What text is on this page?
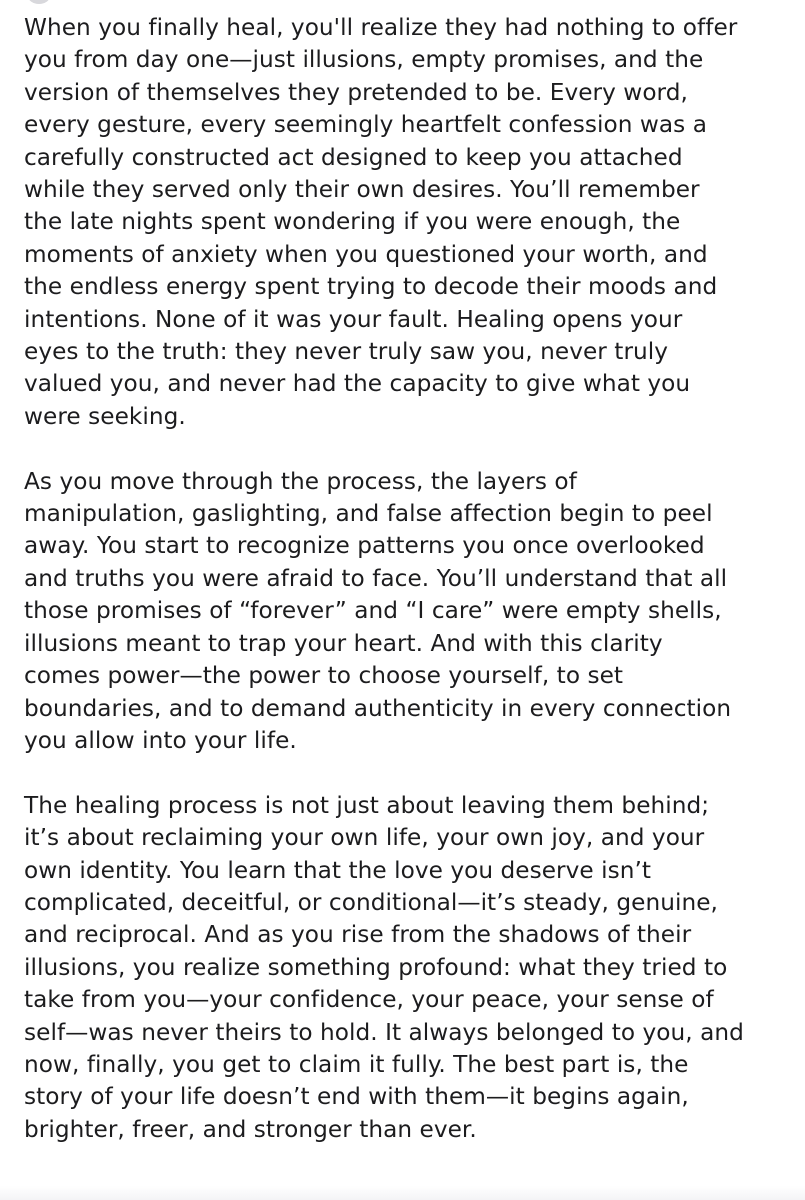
When you finally heal, you'll realize they had nothing to offer
you from day one—just illusions, empty promises, and the
version of themselves they pretended to be. Every word,
every gesture, every seemingly heartfelt confession was a
carefully constructed act designed to keep you attached
while they served only their own desires. You’ll remember
the late nights spent wondering if you were enough, the
moments of anxiety when you questioned your worth, and
the endless energy spent trying to decode their moods and
intentions. None of it was your fault. Healing opens your
eyes to the truth: they never truly saw you, never truly
valued you, and never had the capacity to give what you
were seeking.

As you move through the process, the layers of
manipulation, gaslighting, and false affection begin to peel
away. You start to recognize patterns you once overlooked
and truths you were afraid to face. You’ll understand that all
those promises of “forever” and “I care” were empty shells,
illusions meant to trap your heart. And with this clarity
comes power—the power to choose yourself, to set
boundaries, and to demand authenticity in every connection
you allow into your life.

The healing process is not just about leaving them behind;
it’s about reclaiming your own life, your own joy, and your
own identity. You learn that the love you deserve isn’t
complicated, deceitful, or conditional—it’s steady, genuine,
and reciprocal. And as you rise from the shadows of their
illusions, you realize something profound: what they tried to
take from you—your confidence, your peace, your sense of
self—was never theirs to hold. It always belonged to you, and
now, finally, you get to claim it fully. The best part is, the
story of your life doesn’t end with them—it begins again,
brighter, freer, and stronger than ever.
